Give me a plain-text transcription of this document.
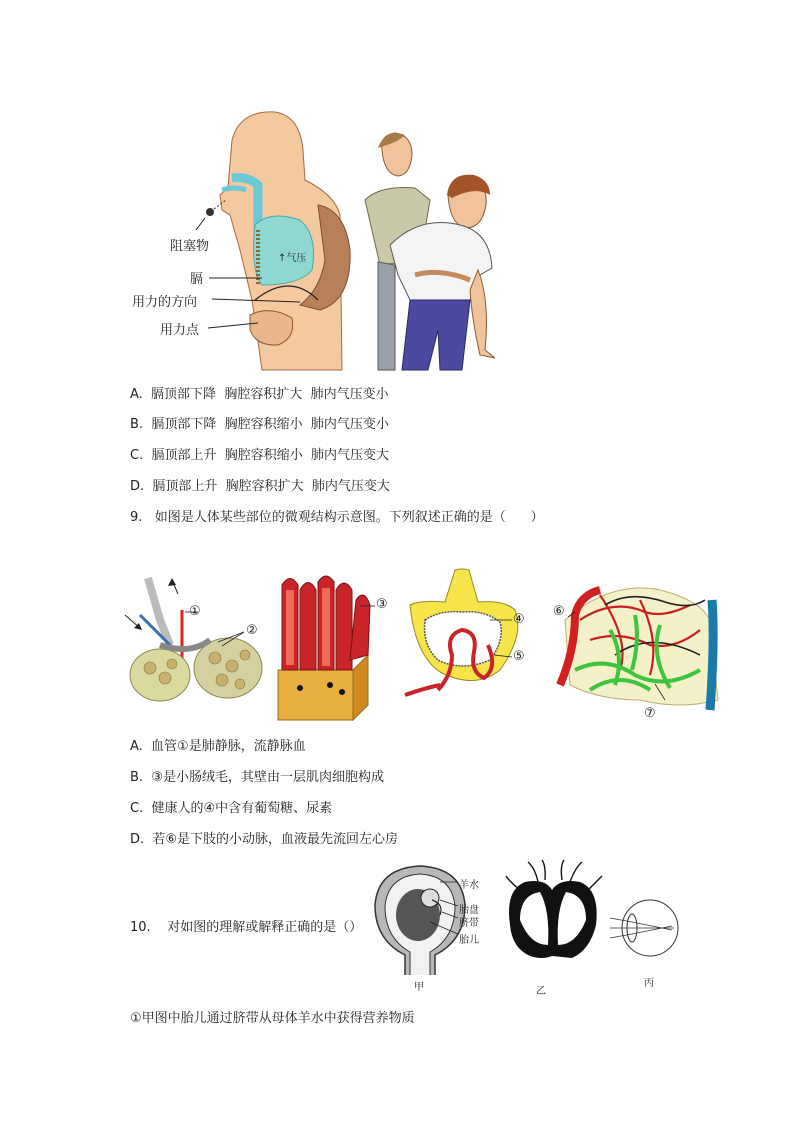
阻塞物
↑气压
膈
用力的方向
用力点
A.  膈顶部下降  胸腔容积扩大  肺内气压变小
B.  膈顶部下降  胸腔容积缩小  肺内气压变小
C.  膈顶部上升  胸腔容积缩小  肺内气压变大
D.  膈顶部上升  胸腔容积扩大  肺内气压变大
9.   如图是人体某些部位的微观结构示意图。下列叙述正确的是（      ）
①
②
③
④
⑤
⑥
⑦
A.  血管①是肺静脉，流静脉血
B.  ③是小肠绒毛，其壁由一层肌肉细胞构成
C.  健康人的④中含有葡萄糖、尿素
D.  若⑥是下肢的小动脉，血液最先流回左心房
10.    对如图的理解或解释正确的是（）
羊水
胎盘
脐带
胎儿
甲	乙
丙
①甲图中胎儿通过脐带从母体羊水中获得营养物质
